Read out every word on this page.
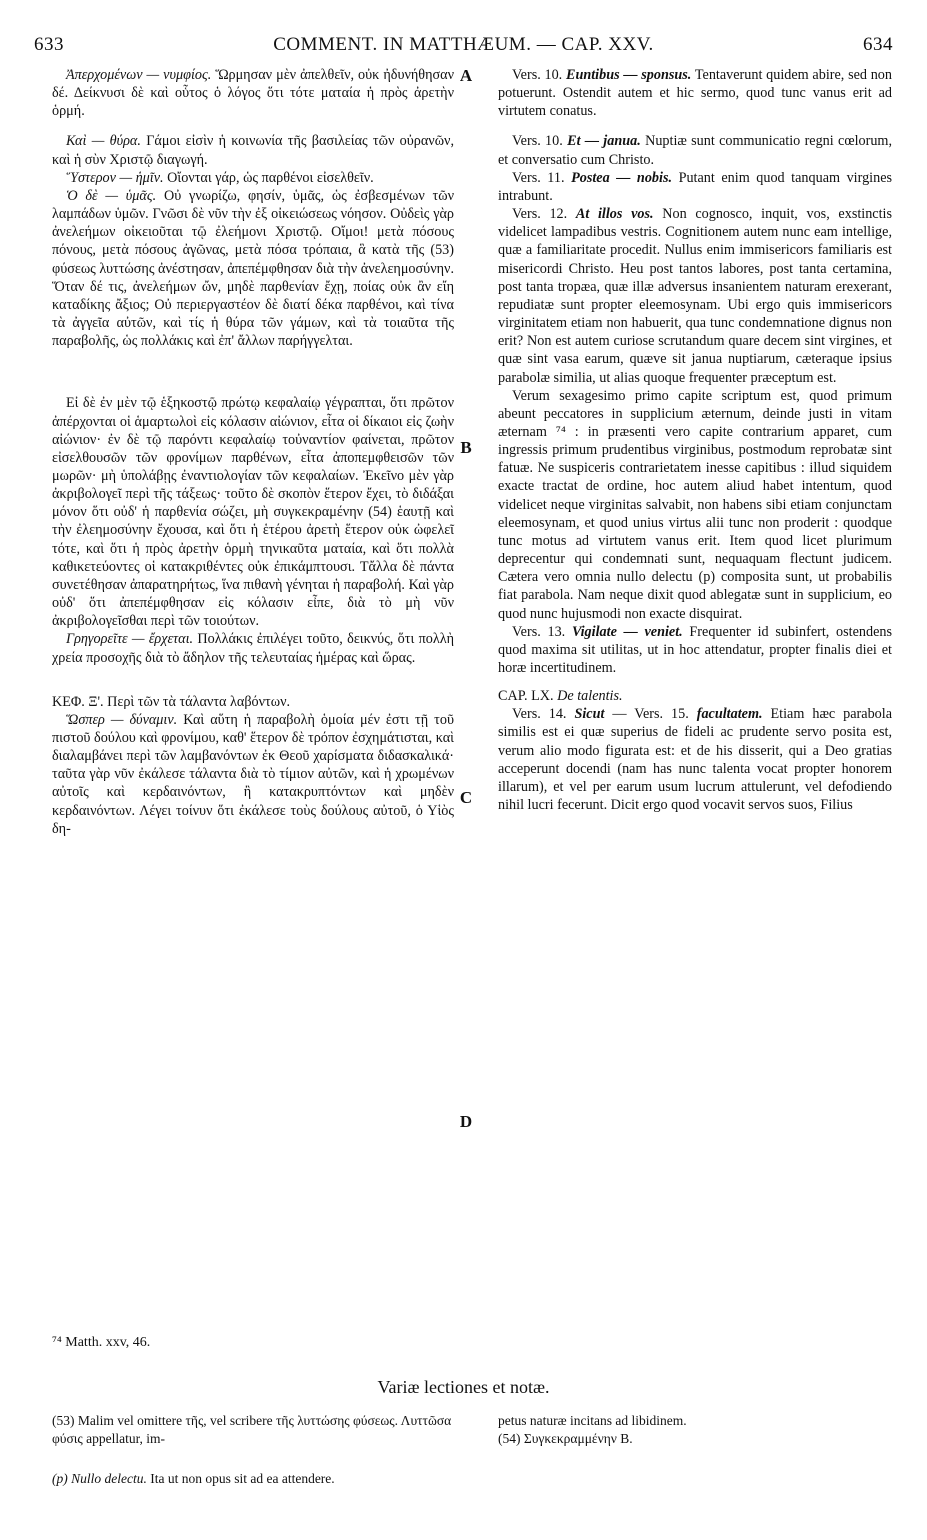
633	COMMENT. IN MATTHÆUM. — CAP. XXV.	634
A
B
C
D

Ἀπερχομένων — νυμφίος. Ὥρμησαν μὲν ἀπελθεῖν, οὐκ ἠδυνήθησαν δέ. Δείκνυσι δὲ καὶ οὗτος ὁ λόγος ὅτι τότε ματαία ἡ πρὸς ἀρετὴν ὁρμή.

Καὶ — θύρα. Γάμοι εἰσὶν ἡ κοινωνία τῆς βασιλείας τῶν οὐρανῶν, καὶ ἡ σὺν Χριστῷ διαγωγή.

Ὕστερον — ἡμῖν. Οἴονται γάρ, ὡς παρθένοι εἰσελθεῖν.

Ὁ δὲ — ὑμᾶς. Οὐ γνωρίζω, φησίν, ὑμᾶς, ὡς ἐσβεσμένων τῶν λαμπάδων ὑμῶν. Γνῶσι δὲ νῦν τὴν ἐξ οἰκειώσεως νόησον. Οὐδεὶς γὰρ ἀνελεήμων οἰκειοῦται τῷ ἐλεήμονι Χριστῷ. Οἴμοι! μετὰ πόσους πόνους, μετὰ πόσους ἀγῶνας, μετὰ πόσα τρόπαια, ἃ κατὰ τῆς (53) φύσεως λυττώσης ἀνέστησαν, ἀπεπέμφθησαν διὰ τὴν ἀνελεημοσύνην. Ὅταν δέ τις, ἀνελεήμων ὤν, μηδὲ παρθενίαν ἔχῃ, ποίας οὐκ ἂν εἴη καταδίκης ἄξιος; Οὐ περιεργαστέον δὲ διατί δέκα παρθένοι, καὶ τίνα τὰ ἀγγεῖα αὐτῶν, καὶ τίς ἡ θύρα τῶν γάμων, καὶ τὰ τοιαῦτα τῆς παραβολῆς, ὡς πολλάκις καὶ ἐπ' ἄλλων παρήγγελται.

Εἰ δὲ ἐν μὲν τῷ ἑξηκοστῷ πρώτῳ κεφαλαίῳ γέγραπται, ὅτι πρῶτον ἀπέρχονται οἱ ἁμαρτωλοὶ εἰς κόλασιν αἰώνιον, εἶτα οἱ δίκαιοι εἰς ζωὴν αἰώνιον· ἐν δὲ τῷ παρόντι κεφαλαίῳ τοὐναντίον φαίνεται, πρῶτον εἰσελθουσῶν τῶν φρονίμων παρθένων, εἶτα ἀποπεμφθεισῶν τῶν μωρῶν· μὴ ὑπολάβῃς ἐναντιολογίαν τῶν κεφαλαίων. Ἐκεῖνο μὲν γὰρ ἀκριβολογεῖ περὶ τῆς τάξεως· τοῦτο δὲ σκοπὸν ἕτερον ἔχει, τὸ διδάξαι μόνον ὅτι οὐδ' ἡ παρθενία σώζει, μὴ συγκεκραμένην (54) ἑαυτῇ καὶ τὴν ἐλεημοσύνην ἔχουσα, καὶ ὅτι ἡ ἑτέρου ἀρετὴ ἕτερον οὐκ ὠφελεῖ τότε, καὶ ὅτι ἡ πρὸς ἀρετὴν ὁρμὴ τηνικαῦτα ματαία, καὶ ὅτι πολλὰ καθικετεύοντες οἱ κατακριθέντες οὐκ ἐπικάμπτουσι. Τἄλλα δὲ πάντα συνετέθησαν ἀπαρατηρήτως, ἵνα πιθανὴ γένηται ἡ παραβολή. Καὶ γὰρ οὐδ' ὅτι ἀπεπέμφθησαν εἰς κόλασιν εἶπε, διὰ τὸ μὴ νῦν ἀκριβολογεῖσθαι περὶ τῶν τοιούτων.

Γρηγορεῖτε — ἔρχεται. Πολλάκις ἐπιλέγει τοῦτο, δεικνύς, ὅτι πολλὴ χρεία προσοχῆς διὰ τὸ ἄδηλον τῆς τελευταίας ἡμέρας καὶ ὥρας.

ΚΕΦ. Ξ'. Περὶ τῶν τὰ τάλαντα λαβόντων.

Ὥσπερ — δύναμιν. Καὶ αὕτη ἡ παραβολὴ ὁμοία μέν ἐστι τῇ τοῦ πιστοῦ δούλου καὶ φρονίμου, καθ' ἕτερον δὲ τρόπον ἐσχημάτισται, καὶ διαλαμβάνει περὶ τῶν λαμβανόντων ἐκ Θεοῦ χαρίσματα διδασκαλικά· ταῦτα γὰρ νῦν ἐκάλεσε τάλαντα διὰ τὸ τίμιον αὐτῶν, καὶ ἡ χρωμένων αὐτοῖς καὶ κερδαινόντων, ἢ κατακρυπτόντων καὶ μηδὲν κερδαινόντων. Λέγει τοίνυν ὅτι ἐκάλεσε τοὺς δούλους αὐτοῦ, ὁ Υἱὸς δη-

Vers. 10. Euntibus — sponsus. Tentaverunt quidem abire, sed non potuerunt. Ostendit autem et hic sermo, quod tunc vanus erit ad virtutem conatus.

Vers. 10. Et — janua. Nuptiæ sunt communicatio regni cœlorum, et conversatio cum Christo.

Vers. 11. Postea — nobis. Putant enim quod tanquam virgines intrabunt.

Vers. 12. At illos vos. Non cognosco, inquit, vos, exstinctis videlicet lampadibus vestris. Cognitionem autem nunc eam intellige, quæ a familiaritate procedit. Nullus enim immisericors familiaris est misericordi Christo. Heu post tantos labores, post tanta certamina, post tanta tropæa, quæ illæ adversus insanientem naturam erexerant, repudiatæ sunt propter eleemosynam. Ubi ergo quis immisericors virginitatem etiam non habuerit, qua tunc condemnatione dignus non erit? Non est autem curiose scrutandum quare decem sint virgines, et quæ sint vasa earum, quæve sit janua nuptiarum, cæteraque ipsius parabolæ similia, ut alias quoque frequenter præceptum est.

Verum sexagesimo primo capite scriptum est, quod primum abeunt peccatores in supplicium æternum, deinde justi in vitam æternam ⁷⁴ : in præsenti vero capite contrarium apparet, cum ingressis primum prudentibus virginibus, postmodum reprobatæ sint fatuæ. Ne suspiceris contrarietatem inesse capitibus : illud siquidem exacte tractat de ordine, hoc autem aliud habet intentum, quod videlicet neque virginitas salvabit, non habens sibi etiam conjunctam eleemosynam, et quod unius virtus alii tunc non proderit : quodque tunc motus ad virtutem vanus erit. Item quod licet plurimum deprecentur qui condemnati sunt, nequaquam flectunt judicem. Cætera vero omnia nullo delectu (p) composita sunt, ut probabilis fiat parabola. Nam neque dixit quod ablegatæ sunt in supplicium, eo quod nunc hujusmodi non exacte disquirat.

Vers. 13. Vigilate — veniet. Frequenter id subinfert, ostendens quod maxima sit utilitas, ut in hoc attendatur, propter finalis diei et horæ incertitudinem.

CAP. LX. De talentis.

Vers. 14. Sicut — Vers. 15. facultatem. Etiam hæc parabola similis est ei quæ superius de fideli ac prudente servo posita est, verum alio modo figurata est: et de his disserit, qui a Deo gratias acceperunt docendi (nam has nunc talenta vocat propter honorem illarum), et vel per earum usum lucrum attulerunt, vel defodiendo nihil lucri fecerunt. Dicit ergo quod vocavit servos suos, Filius

⁷⁴ Matth. xxv, 46.
Variæ lectiones et notæ.
(53) Malim vel omittere τῆς, vel scribere τῆς λυττώσης φύσεως. Λυττῶσα φύσις appellatur, im-
petus naturæ incitans ad libidinem.
(54) Συγκεκραμμένην B.
(p) Nullo delectu. Ita ut non opus sit ad ea attendere.
